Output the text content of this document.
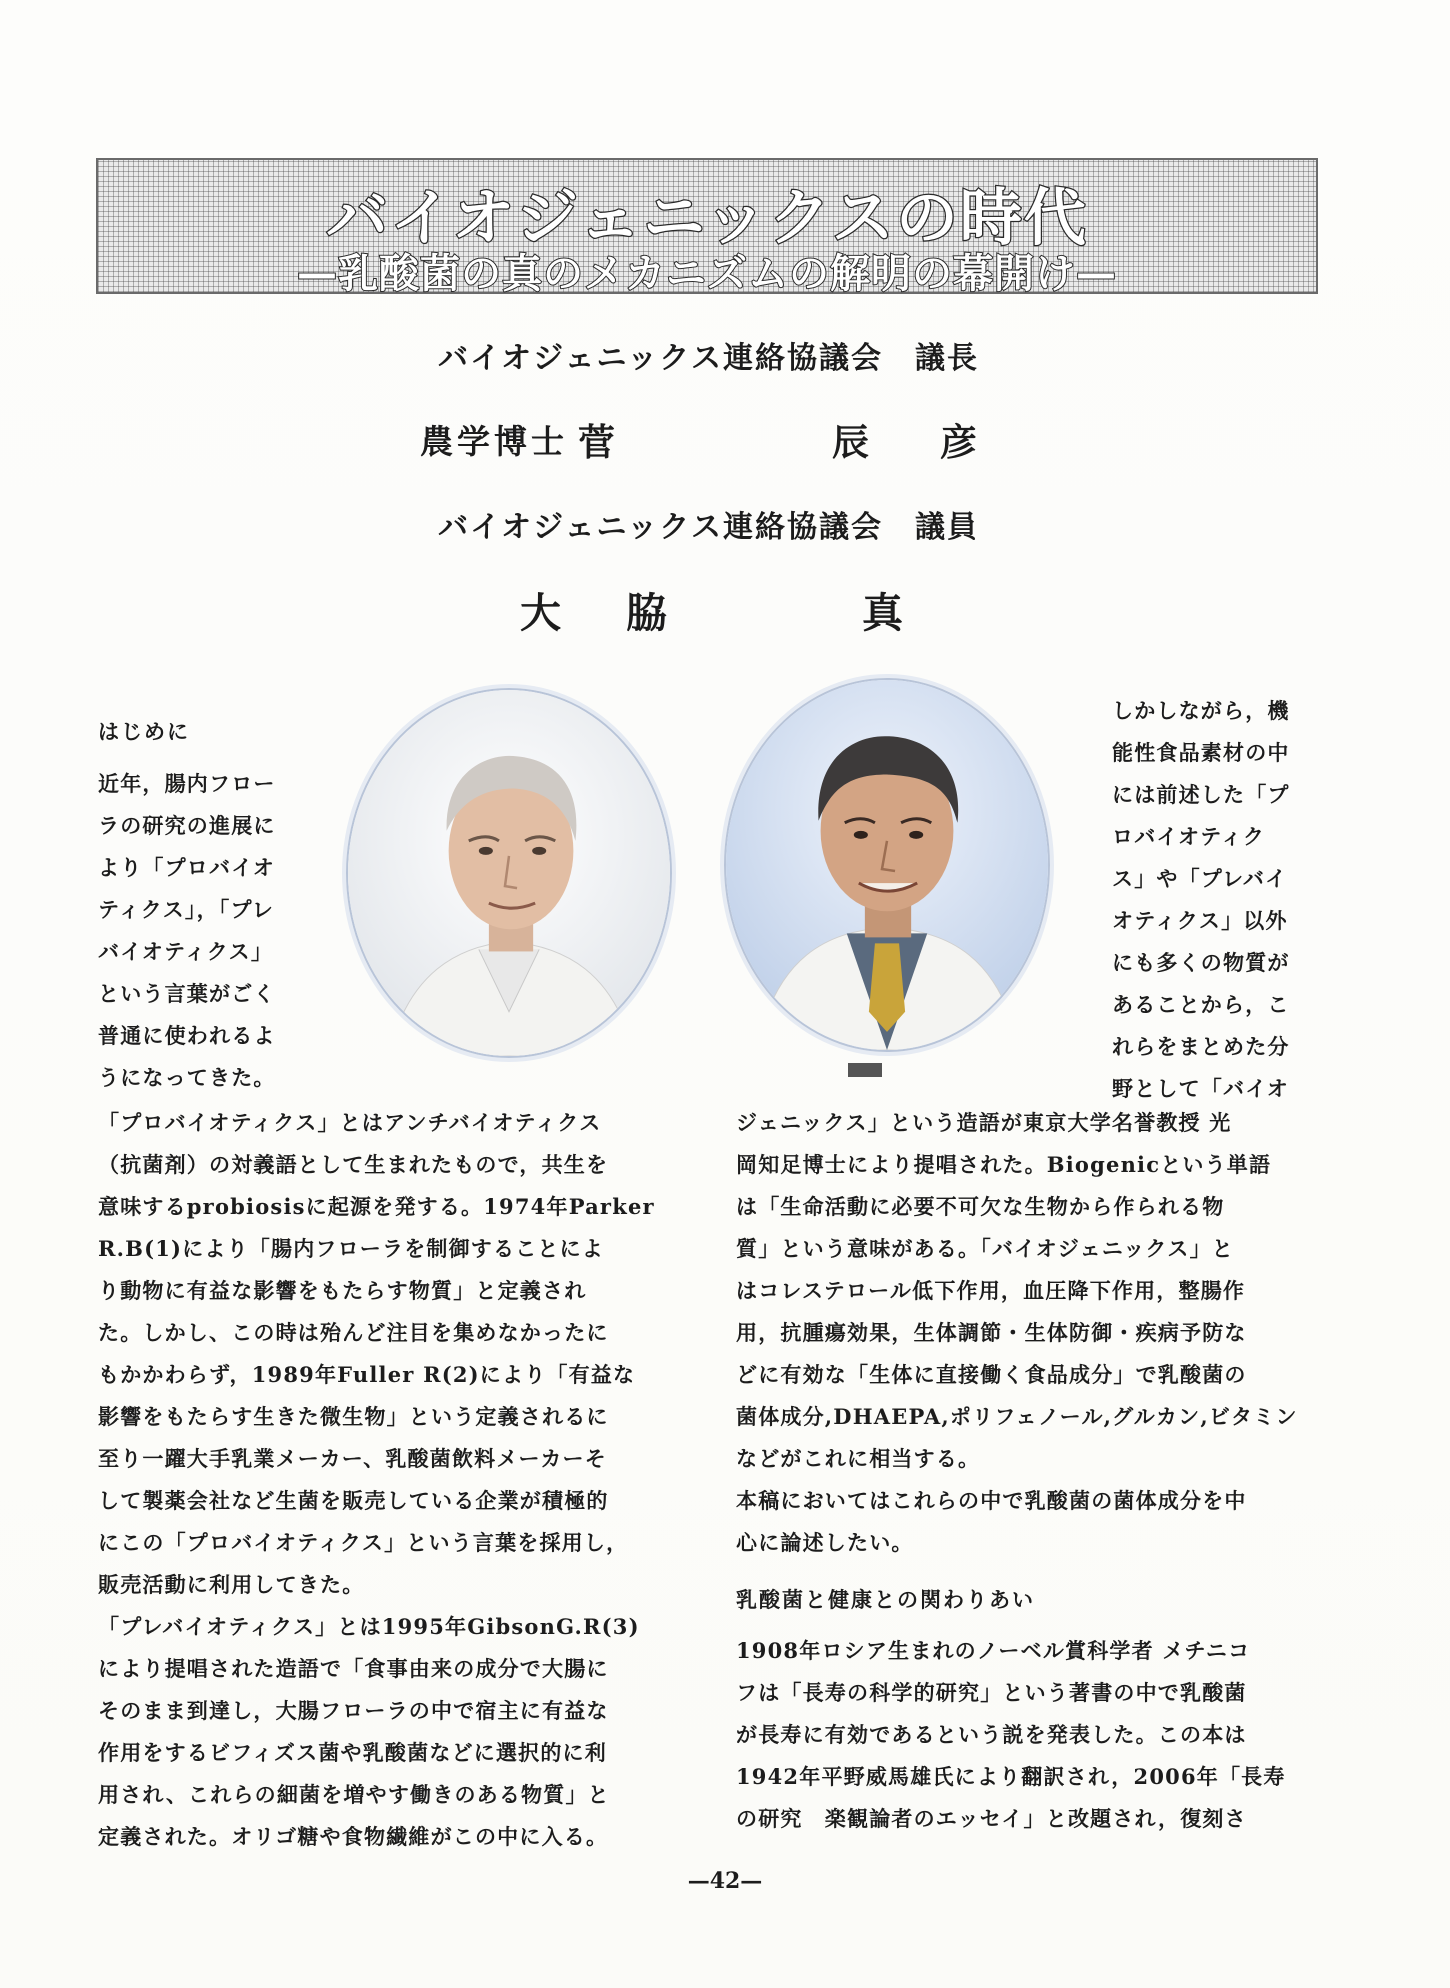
バイオジェニックスの時代
—乳酸菌の真のメカニズムの解明の幕開け—
バイオジェニックス連絡協議会　議長
農学博士 菅	辰 彦
バイオジェニックス連絡協議会　議員
大 脇	真
はじめに
近年，腸内フロー
ラの研究の進展に
より「プロバイオ
ティクス」，「プレ
バイオティクス」
という言葉がごく
普通に使われるよ
うになってきた。
しかしながら，機
能性食品素材の中
には前述した「プ
ロバイオティク
ス」や「プレバイ
オティクス」以外
にも多くの物質が
あることから，こ
れらをまとめた分
野として「バイオ
「プロバイオティクス」とはアンチバイオティクス
（抗菌剤）の対義語として生まれたもので，共生を
意味するprobiosisに起源を発する。1974年Parker
R.B(1)により「腸内フローラを制御することによ
り動物に有益な影響をもたらす物質」と定義され
た。しかし、この時は殆んど注目を集めなかったに
もかかわらず，1989年Fuller R(2)により「有益な
影響をもたらす生きた微生物」という定義されるに
至り一躍大手乳業メーカー、乳酸菌飲料メーカーそ
して製薬会社など生菌を販売している企業が積極的
にこの「プロバイオティクス」という言葉を採用し，
販売活動に利用してきた。
「プレバイオティクス」とは1995年GibsonG.R(3)
により提唱された造語で「食事由来の成分で大腸に
そのまま到達し，大腸フローラの中で宿主に有益な
作用をするビフィズス菌や乳酸菌などに選択的に利
用され、これらの細菌を増やす働きのある物質」と
定義された。オリゴ糖や食物繊維がこの中に入る。
ジェニックス」という造語が東京大学名誉教授 光
岡知足博士により提唱された。Biogenicという単語
は「生命活動に必要不可欠な生物から作られる物
質」という意味がある。「バイオジェニックス」と
はコレステロール低下作用，血圧降下作用，整腸作
用，抗腫瘍効果，生体調節・生体防御・疾病予防な
どに有効な「生体に直接働く食品成分」で乳酸菌の
菌体成分,DHAEPA,ポリフェノール,グルカン,ビタミン
などがこれに相当する。
本稿においてはこれらの中で乳酸菌の菌体成分を中
心に論述したい。
乳酸菌と健康との関わりあい
1908年ロシア生まれのノーベル賞科学者 メチニコ
フは「長寿の科学的研究」という著書の中で乳酸菌
が長寿に有効であるという説を発表した。この本は
1942年平野威馬雄氏により翻訳され，2006年「長寿
の研究　楽観論者のエッセイ」と改題され，復刻さ
—42—
